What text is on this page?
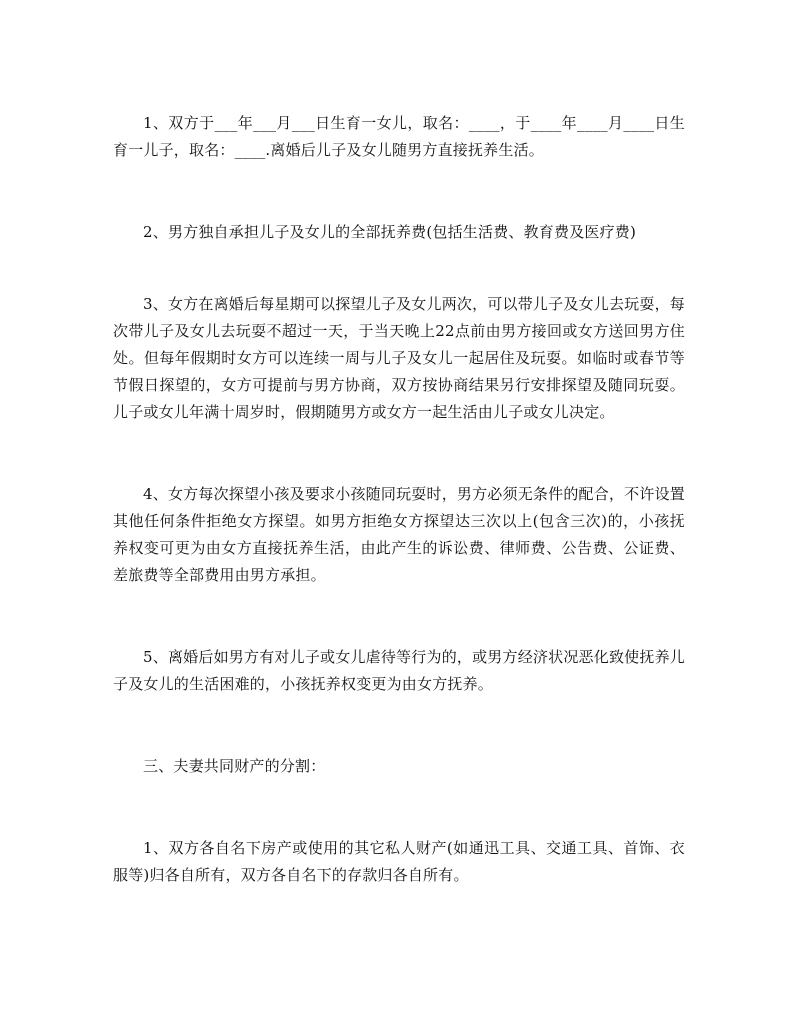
1、双方于___年___月___日生育一女儿，取名：____，于____年____月____日生育一儿子，取名：____.离婚后儿子及女儿随男方直接抚养生活。

2、男方独自承担儿子及女儿的全部抚养费(包括生活费、教育费及医疗费)

3、女方在离婚后每星期可以探望儿子及女儿两次，可以带儿子及女儿去玩耍，每次带儿子及女儿去玩耍不超过一天，于当天晚上22点前由男方接回或女方送回男方住处。但每年假期时女方可以连续一周与儿子及女儿一起居住及玩耍。如临时或春节等节假日探望的，女方可提前与男方协商，双方按协商结果另行安排探望及随同玩耍。儿子或女儿年满十周岁时，假期随男方或女方一起生活由儿子或女儿决定。

4、女方每次探望小孩及要求小孩随同玩耍时，男方必须无条件的配合，不许设置其他任何条件拒绝女方探望。如男方拒绝女方探望达三次以上(包含三次)的，小孩抚养权变可更为由女方直接抚养生活，由此产生的诉讼费、律师费、公告费、公证费、差旅费等全部费用由男方承担。

5、离婚后如男方有对儿子或女儿虐待等行为的，或男方经济状况恶化致使抚养儿子及女儿的生活困难的，小孩抚养权变更为由女方抚养。

三、夫妻共同财产的分割：

1、双方各自名下房产或使用的其它私人财产(如通迅工具、交通工具、首饰、衣服等)归各自所有，双方各自名下的存款归各自所有。
